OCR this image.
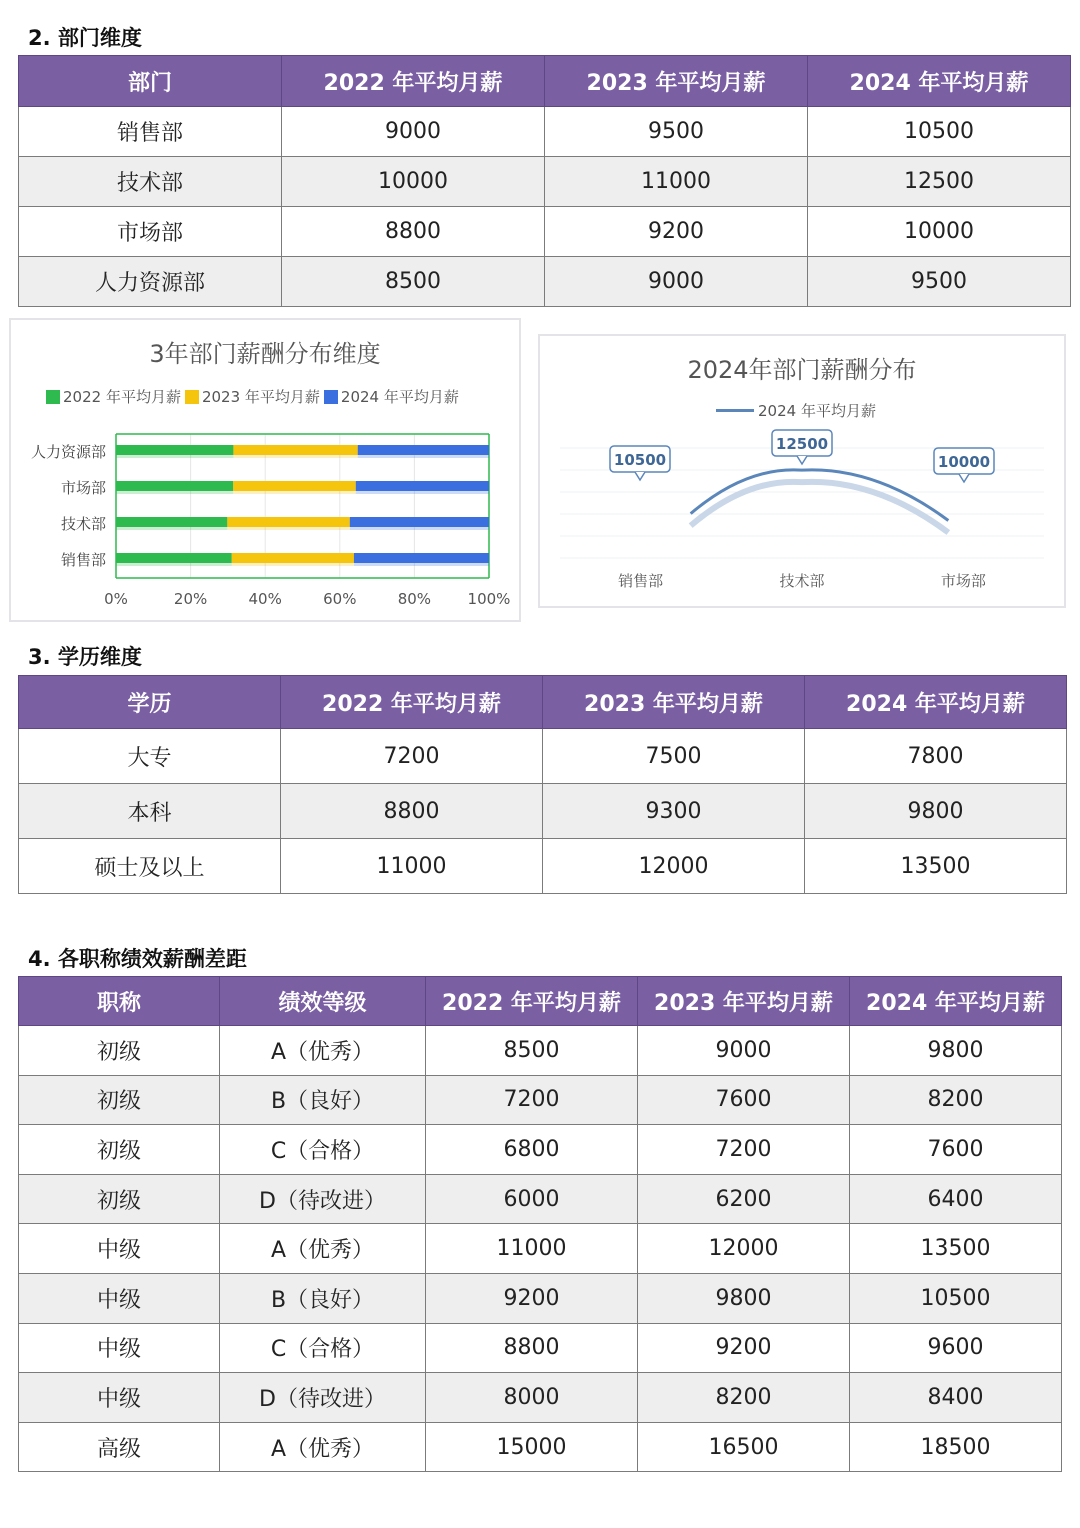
2. 部门维度
部门	2022 年平均月薪	2023 年平均月薪	2024 年平均月薪
销售部	9000	9500	10500
技术部	10000	11000	12500
市场部	8800	9200	10000
人力资源部	8500	9000	9500
3年部门薪酬分布维度
2022 年平均月薪 2023 年平均月薪 2024 年平均月薪
0%	20%	40%	60%	80% 100%
人力资源部
市场部
技术部
销售部
2024年部门薪酬分布
2024 年平均月薪
销售部	技术部	市场部
10500
12500
10000
3. 学历维度
学历	2022 年平均月薪	2023 年平均月薪	2024 年平均月薪
大专	7200	7500	7800
本科	8800	9300	9800
硕士及以上	11000	12000	13500
4. 各职称绩效薪酬差距
职称	绩效等级	2022 年平均月薪	2023 年平均月薪	2024 年平均月薪
初级	A（优秀）	8500	9000	9800
初级	B（良好）	7200	7600	8200
初级	C（合格）	6800	7200	7600
初级	D（待改进）	6000	6200	6400
中级	A（优秀）	11000	12000	13500
中级	B（良好）	9200	9800	10500
中级	C（合格）	8800	9200	9600
中级	D（待改进）	8000	8200	8400
高级	A（优秀）	15000	16500	18500
